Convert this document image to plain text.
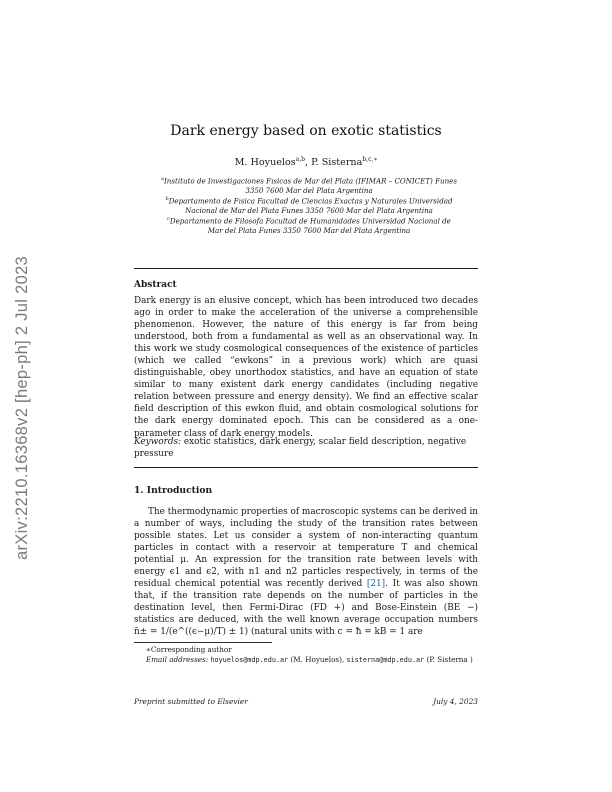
arXiv:2210.16368v2 [hep-ph] 2 Jul 2023
Dark energy based on exotic statistics
M. Hoyuelos$^{a,b}$, P. Sisterna$^{b,c,∗}$
$^a$Instituto de Investigaciones Fısicas de Mar del Plata (IFIMAR – CONICET) Funes 3350 7600 Mar del Plata Argentina
$^b$Departamento de Fısica Facultad de Ciencias Exactas y Naturales Universidad Nacional de Mar del Plata Funes 3350 7600 Mar del Plata Argentina
$^c$Departamento de Filosofa Facultad de Humanidades Universidad Nacional de Mar del Plata Funes 3350 7600 Mar del Plata Argentina
Abstract
Dark energy is an elusive concept, which has been introduced two decades ago in order to make the acceleration of the universe a comprehensible phenomenon. However, the nature of this energy is far from being understood, both from a fundamental as well as an observational way. In this work we study cosmological consequences of the existence of particles (which we called “ewkons” in a previous work) which are quasi distinguishable, obey unorthodox statistics, and have an equation of state similar to many existent dark energy candidates (including negative relation between pressure and energy density). We find an effective scalar field description of this ewkon fluid, and obtain cosmological solutions for the dark energy dominated epoch. This can be considered as a one-parameter class of dark energy models.
Keywords: exotic statistics, dark energy, scalar field description, negative pressure
1. Introduction
The thermodynamic properties of macroscopic systems can be derived in a number of ways, including the study of the transition rates between possible states. Let us consider a system of non-interacting quantum particles in contact with a reservoir at temperature T and chemical potential μ. An expression for the transition rate between levels with energy ϵ1 and ϵ2, with n1 and n2 particles respectively, in terms of the residual chemical potential was recently derived [21]. It was also shown that, if the transition rate depends on the number of particles in the destination level, then Fermi-Dirac (FD +) and Bose-Einstein (BE −) statistics are deduced, with the well known average occupation numbers n̄± = 1/(e^((ϵ−μ)/T) ± 1) (natural units with c = ħ = kB = 1 are
∗Corresponding author
Email addresses: hoyuelos@mdp.edu.ar (M. Hoyuelos), sisterna@mdp.edu.ar (P. Sisterna )
Preprint submitted to Elsevier	July 4, 2023
